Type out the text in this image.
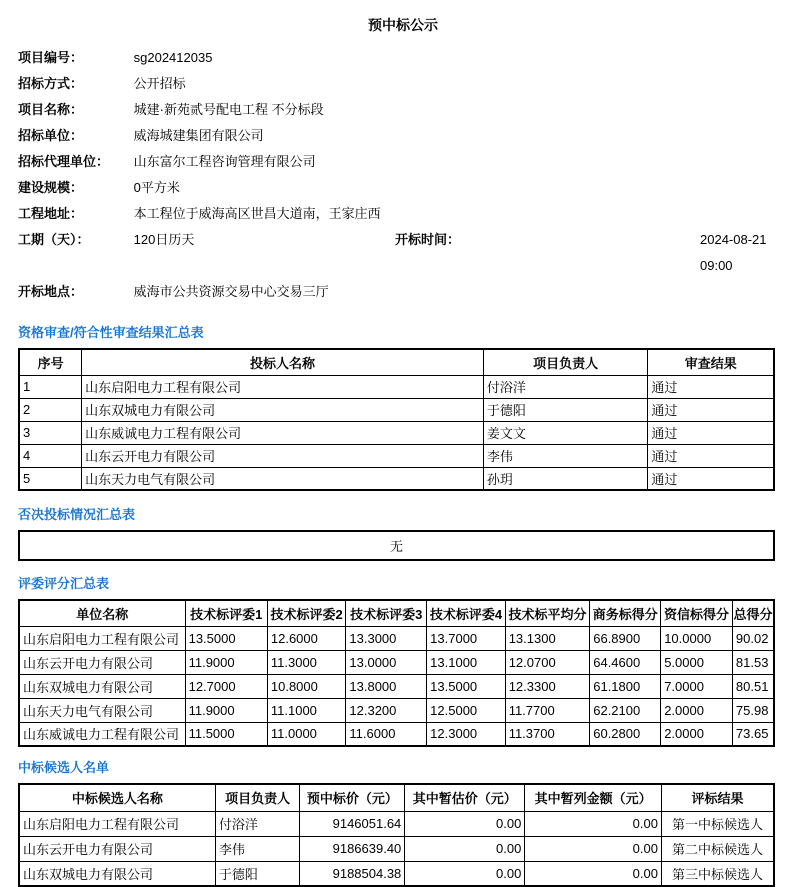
预中标公示
项目编号：	sg202412035
招标方式：	公开招标
项目名称：	城建·新苑贰号配电工程 不分标段
招标单位：	威海城建集团有限公司
招标代理单位： 山东富尔工程咨询管理有限公司
建设规模：	0平方米
工程地址：	本工程位于威海高区世昌大道南，王家庄西
工期（天）：	120日历天	开标时间：	2024-08-21
09:00
开标地点：	威海市公共资源交易中心交易三厅
资格审查/符合性审查结果汇总表
序号	投标人名称	项目负责人	审查结果
1	山东启阳电力工程有限公司	付浴洋	通过
2	山东双城电力有限公司	于德阳	通过
3	山东威诚电力工程有限公司	姜文文	通过
4	山东云开电力有限公司	李伟	通过
5	山东天力电气有限公司	孙玥	通过
否决投标情况汇总表
无
评委评分汇总表
单位名称	技术标评委1	技术标评委2	技术标评委3	技术标评委4	技术标平均分	商务标得分	资信标得分	总得分
山东启阳电力工程有限公司	13.5000	12.6000	13.3000	13.7000	13.1300	66.8900	10.0000	90.02
山东云开电力有限公司	11.9000	11.3000	13.0000	13.1000	12.0700	64.4600	5.0000	81.53
山东双城电力有限公司	12.7000	10.8000	13.8000	13.5000	12.3300	61.1800	7.0000	80.51
山东天力电气有限公司	11.9000	11.1000	12.3200	12.5000	11.7700	62.2100	2.0000	75.98
山东威诚电力工程有限公司	11.5000	11.0000	11.6000	12.3000	11.3700	60.2800	2.0000	73.65
中标候选人名单
中标候选人名称	项目负责人	预中标价（元）	其中暂估价（元）	其中暂列金额（元）	评标结果
山东启阳电力工程有限公司	付浴洋	9146051.64	0.00	0.00	第一中标候选人
山东云开电力有限公司	李伟	9186639.40	0.00	0.00	第二中标候选人
山东双城电力有限公司	于德阳	9188504.38	0.00	0.00	第三中标候选人
